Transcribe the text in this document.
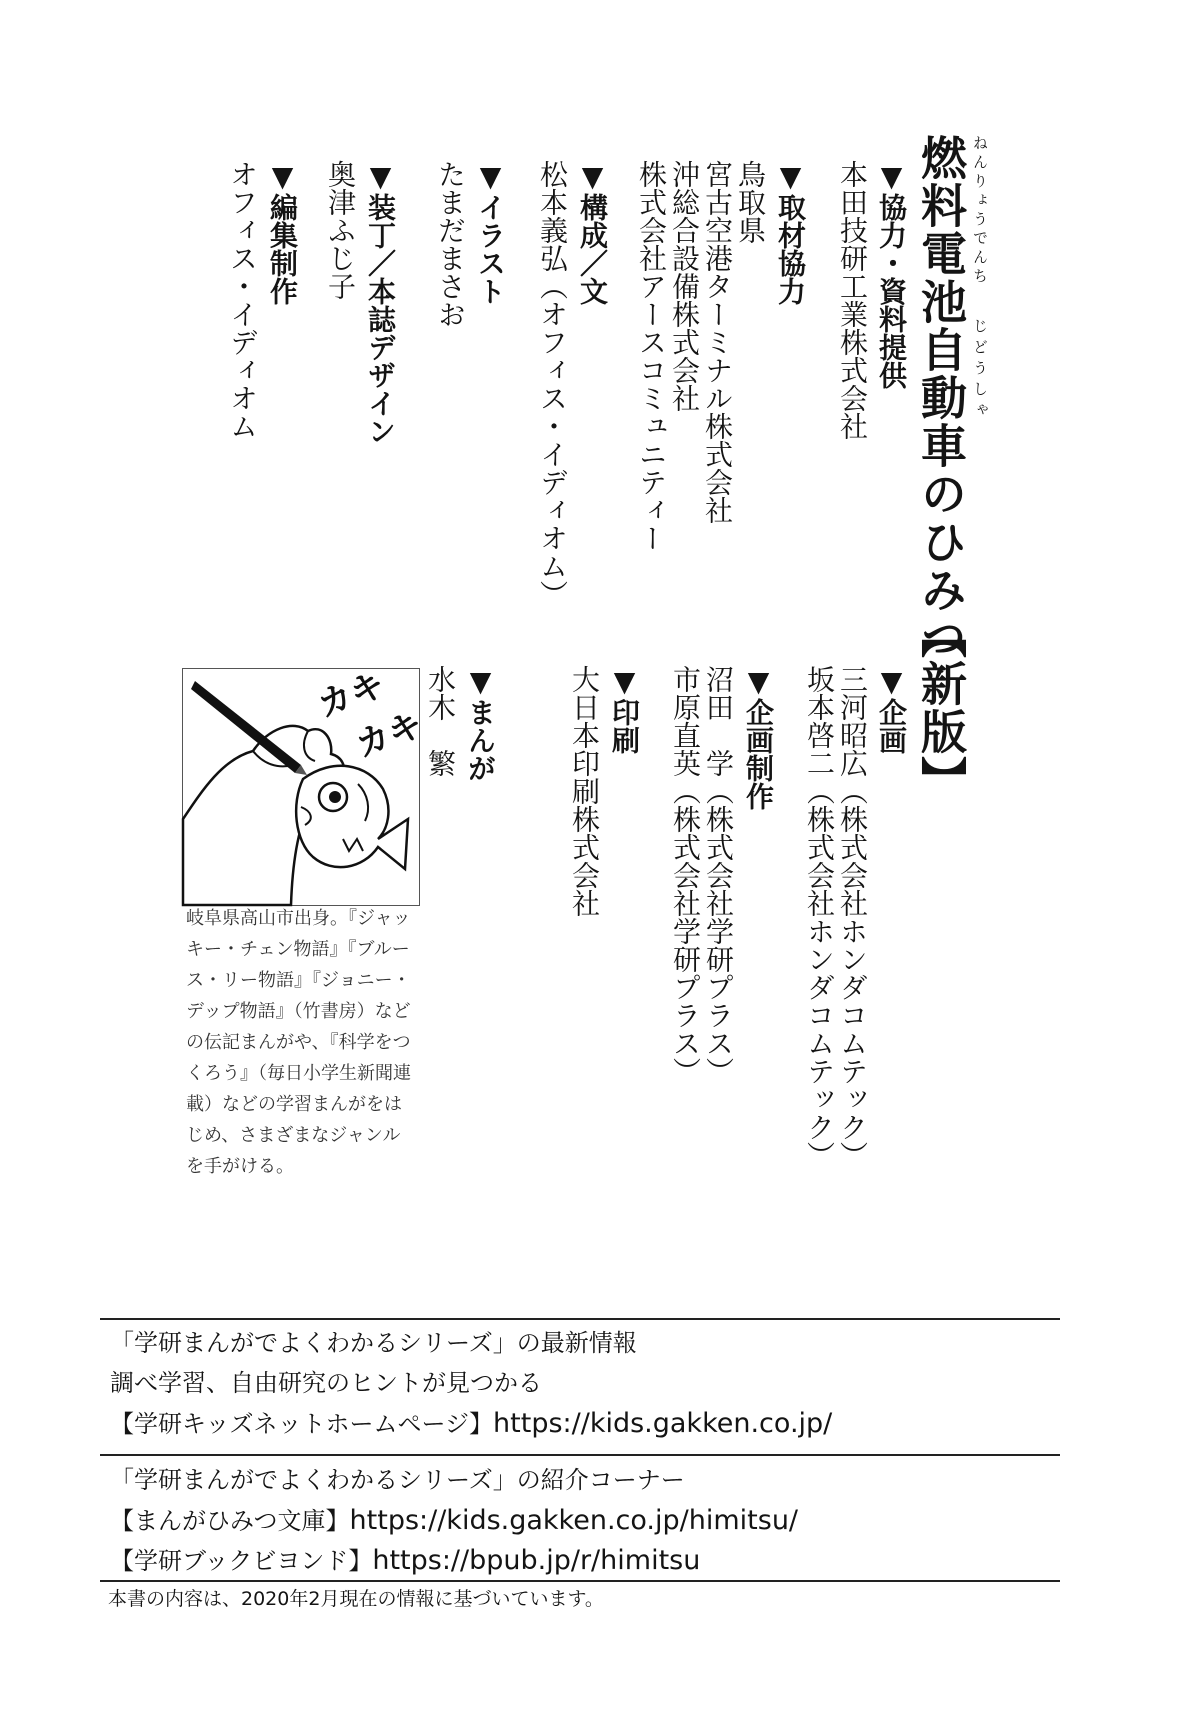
ねんりょうでんち
じどうしゃ
燃料電池自動車のひみつ
【新版】
▼協力・資料提供
本田技研工業株式会社
▼取材協力
鳥取県
宮古空港ターミナル株式会社
沖総合設備株式会社
株式会社アースコミュニティー
▼構成／文
松本義弘（オフィス・イディオム）
▼イラスト
たまだまさお
▼装丁／本誌デザイン
奥津ふじ子
▼編集制作
オフィス・イディオム
▼企画
三河昭広（株式会社ホンダコムテック）
坂本啓二（株式会社ホンダコムテック）
▼企画制作
沼田　学（株式会社学研プラス）
市原直英（株式会社学研プラス）
▼印刷
大日本印刷株式会社
▼まんが
水木　繁
カキ
カキ
岐阜県高山市出身。『ジャッキー・チェン物語』『ブルース・リー物語』『ジョニー・デップ物語』（竹書房）などの伝記まんがや、『科学をつくろう』（毎日小学生新聞連載）などの学習まんがをはじめ、さまざまなジャンルを手がける。
「学研まんがでよくわかるシリーズ」の最新情報
調べ学習、自由研究のヒントが見つかる
【学研キッズネットホームページ】https://kids.gakken.co.jp/
「学研まんがでよくわかるシリーズ」の紹介コーナー
【まんがひみつ文庫】https://kids.gakken.co.jp/himitsu/
【学研ブックビヨンド】https://bpub.jp/r/himitsu
本書の内容は、2020年2月現在の情報に基づいています。
